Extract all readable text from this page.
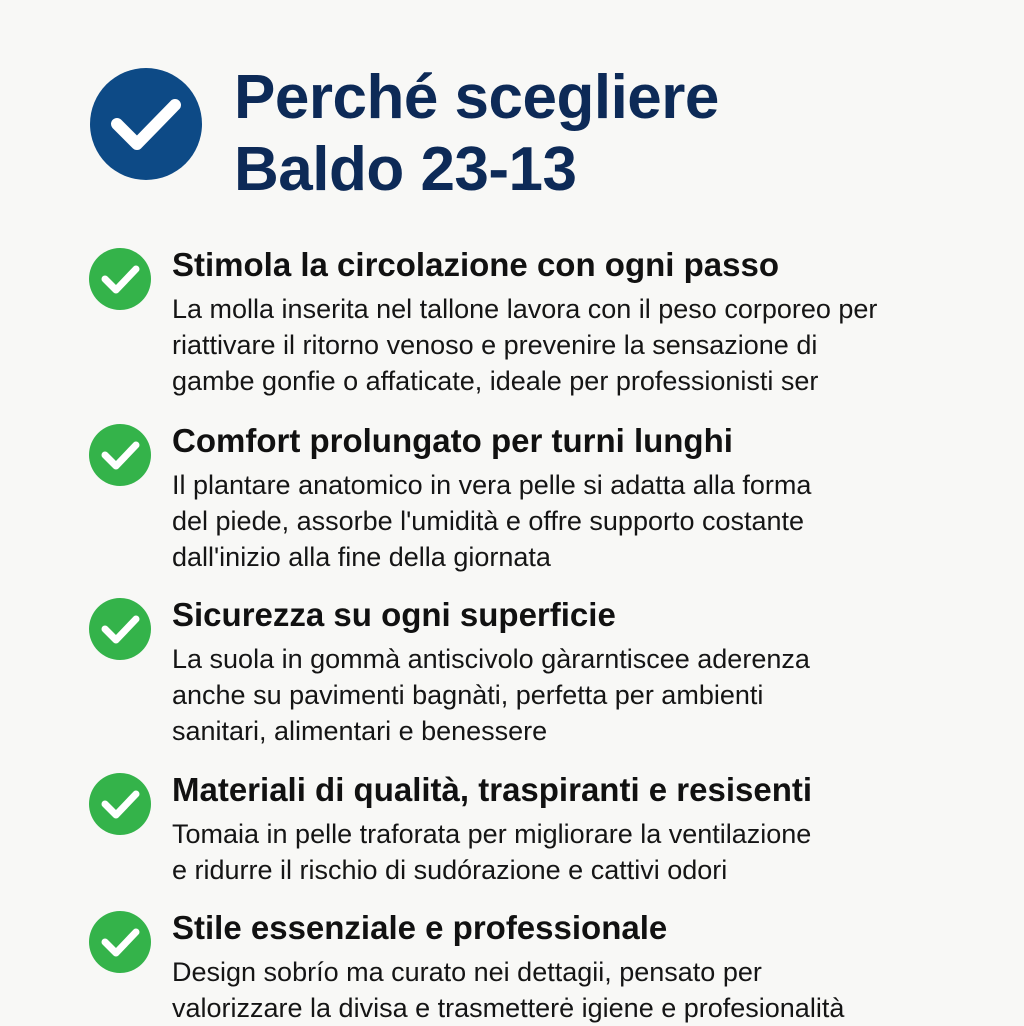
Perché scegliere
Baldo 23-13
Stimola la circolazione con ogni passo

La molla inserita nel tallone lavora con il peso corporeo per
riattivare il ritorno venoso e prevenire la sensazione di
gambe gonfie o affaticate, ideale per professionisti ser

Comfort prolungato per turni lunghi

Il plantare anatomico in vera pelle si adatta alla forma
del piede, assorbe l'umidità e offre supporto costante
dall'inizio alla fine della giornata

Sicurezza su ogni superficie

La suola in gommà antiscivolo gàrarntiscee aderenza
anche su pavimenti bagnàti, perfetta per ambienti
sanitari, alimentari e benessere

Materiali di qualità, traspiranti e resisenti

Tomaia in pelle traforata per migliorare la ventilazione
e ridurre il rischio di sudórazione e cattivi odori

Stile essenziale e professionale

Design sobrío ma curato nei dettagii, pensato per
valorizzare la divisa e trasmetterė igiene e profesionalità
